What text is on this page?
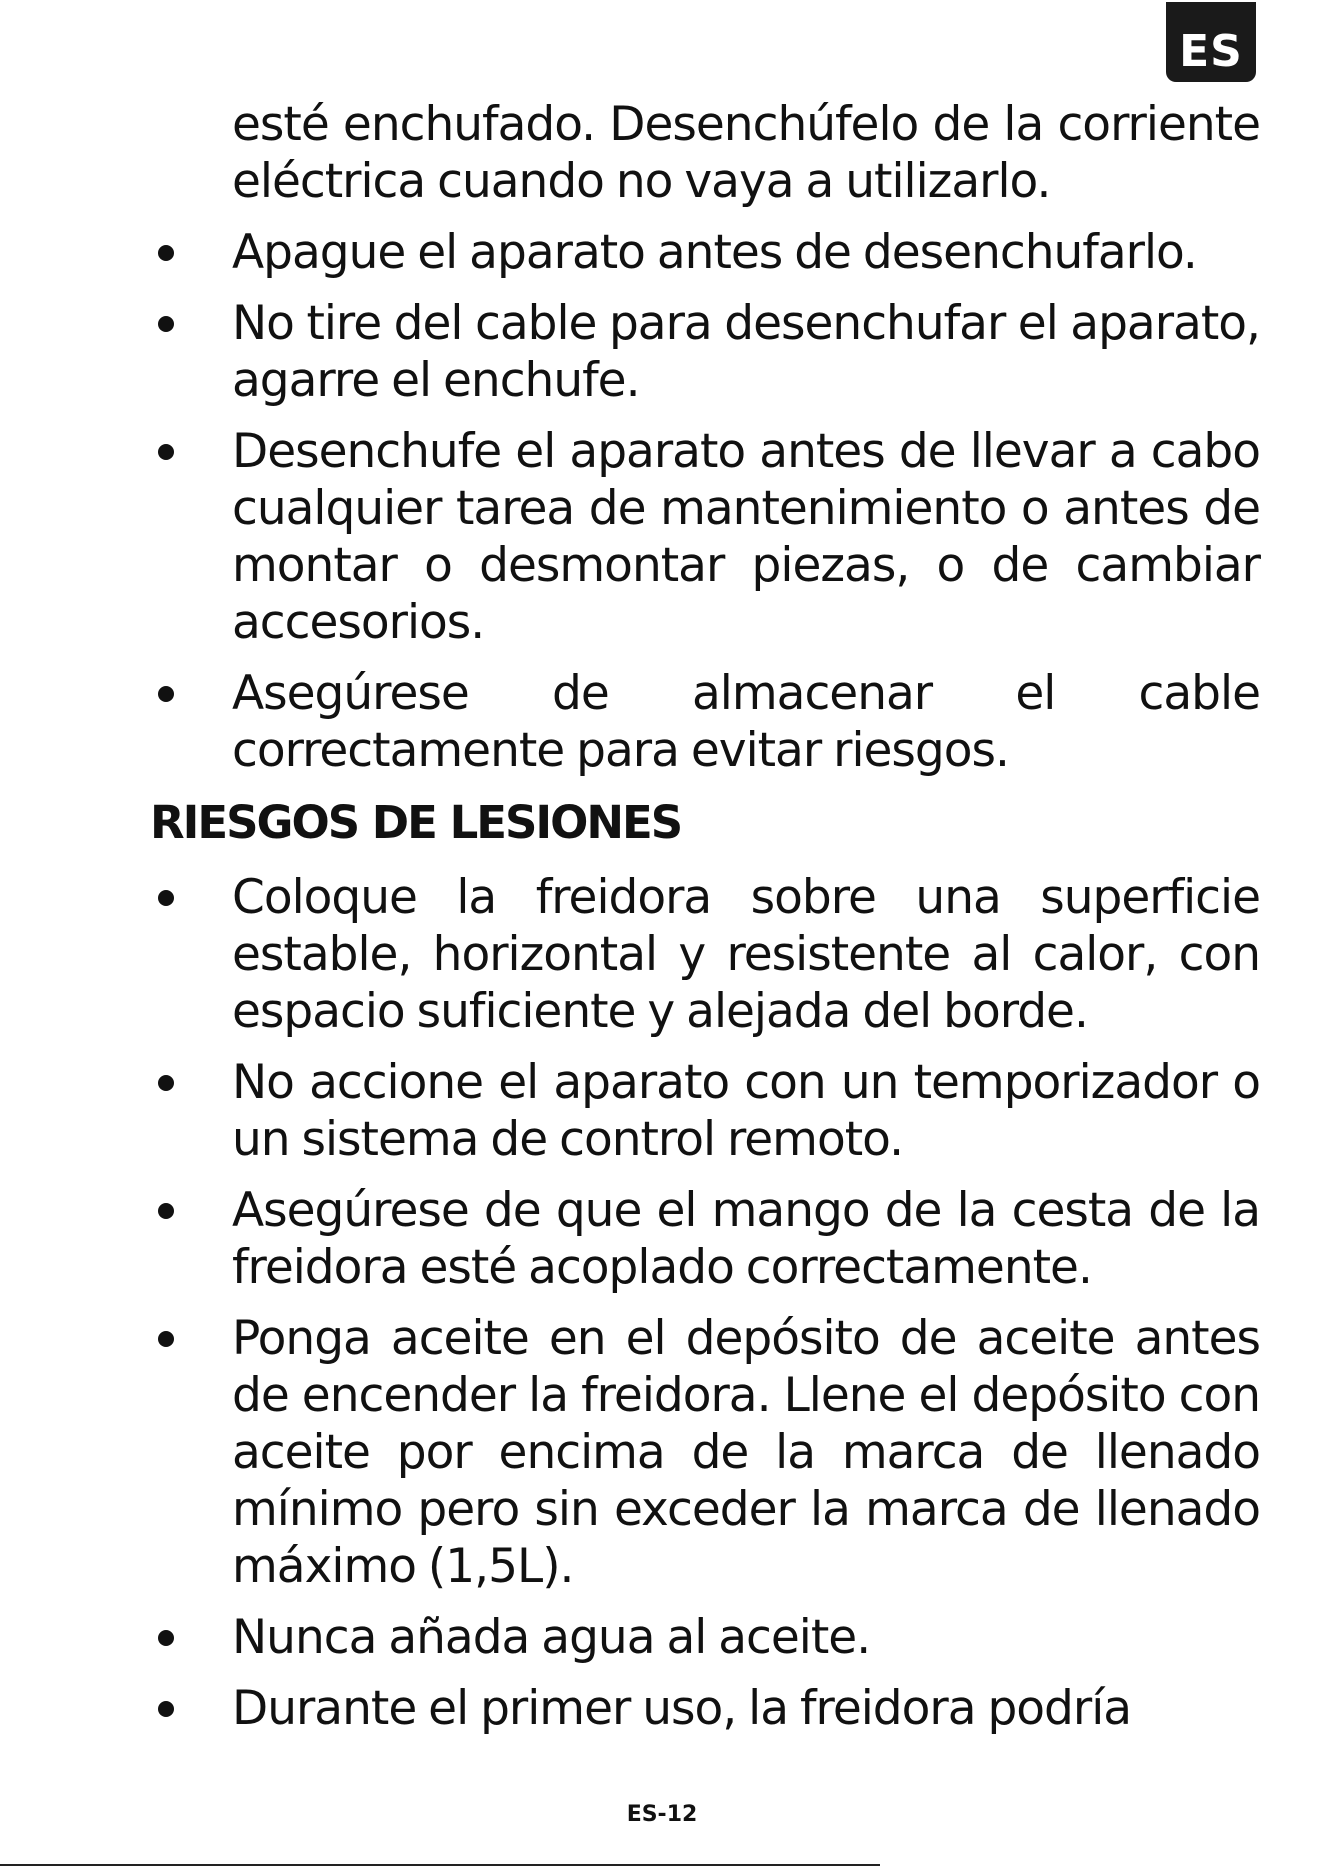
ES
esté enchufado. Desenchúfelo de la corriente eléctrica cuando no vaya a utilizarlo.
Apague el aparato antes de desenchufarlo.
No tire del cable para desenchufar el aparato, agarre el enchufe.
Desenchufe el aparato antes de llevar a cabo cualquier tarea de mantenimiento o antes de montar o desmontar piezas, o de cambiar accesorios.
Asegúrese de almacenar el cable correctamente para evitar riesgos.
RIESGOS DE LESIONES
Coloque la freidora sobre una superficie estable, horizontal y resistente al calor, con espacio suficiente y alejada del borde.
No accione el aparato con un temporizador o un sistema de control remoto.
Asegúrese de que el mango de la cesta de la freidora esté acoplado correctamente.
Ponga aceite en el depósito de aceite antes de encender la freidora. Llene el depósito con aceite por encima de la marca de llenado mínimo pero sin exceder la marca de llenado máximo (1,5L).
Nunca añada agua al aceite.
Durante el primer uso, la freidora podría
ES-12
